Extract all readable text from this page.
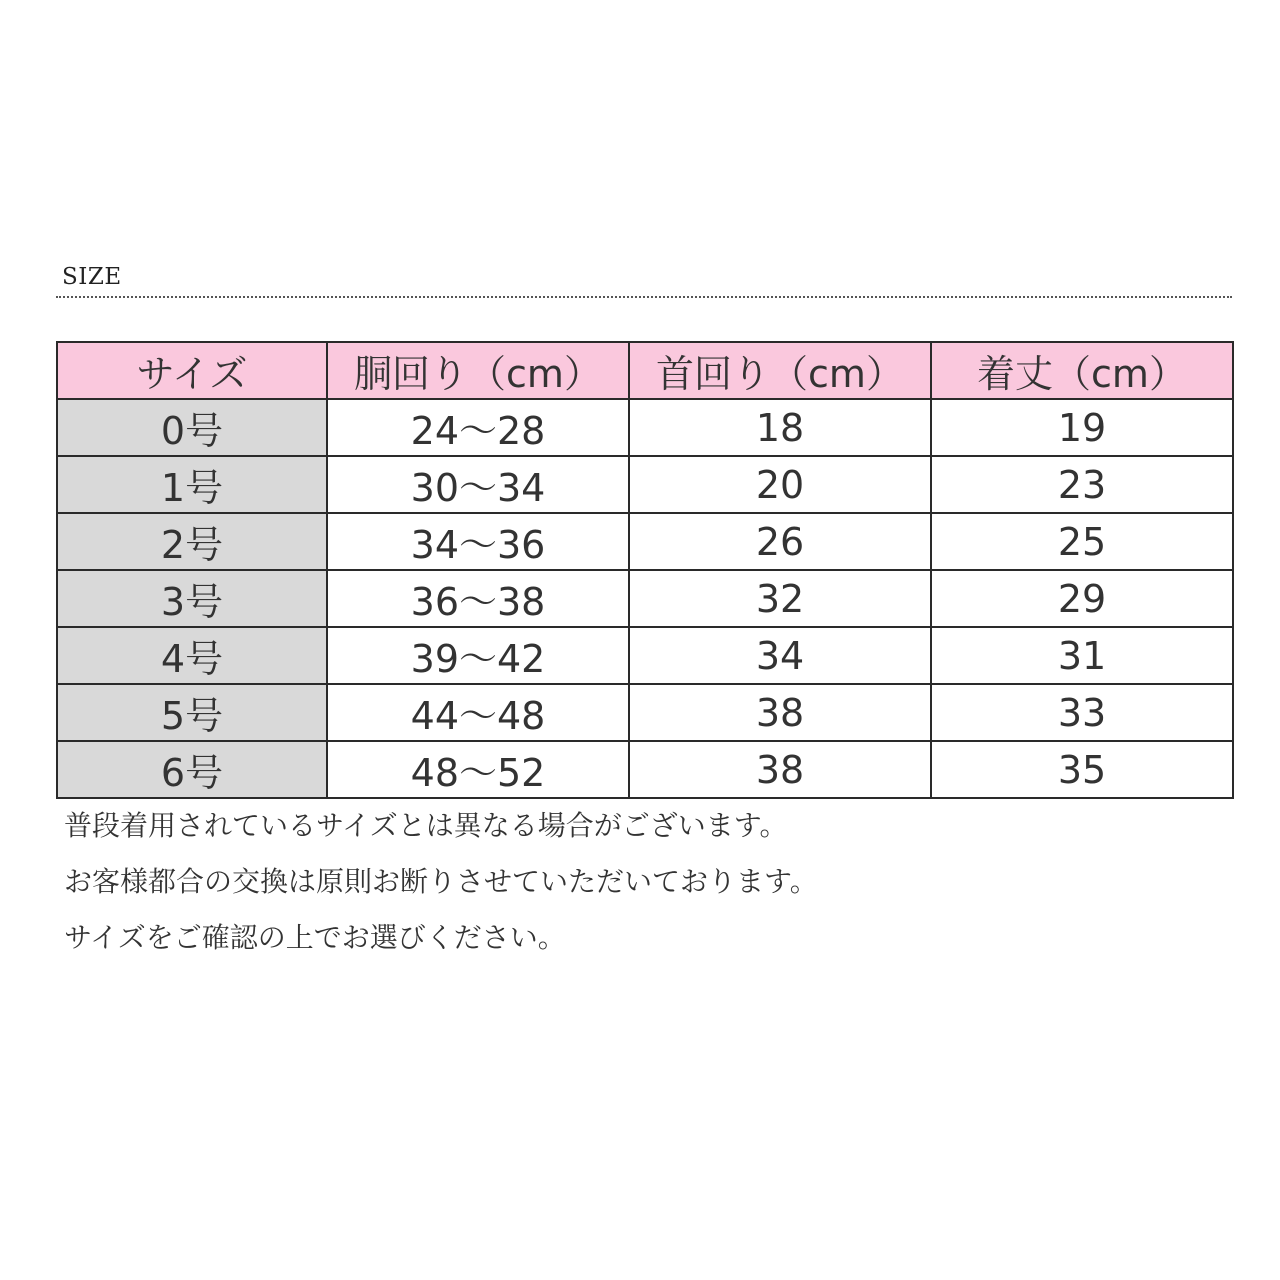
SIZE
サイズ	胴回り（cm）	首回り（cm）	着丈（cm）
0号	24～28	18	19
1号	30～34	20	23
2号	34～36	26	25
3号	36～38	32	29
4号	39～42	34	31
5号	44～48	38	33
6号	48～52	38	35
普段着用されているサイズとは異なる場合がございます。
お客様都合の交換は原則お断りさせていただいております。
サイズをご確認の上でお選びください。
